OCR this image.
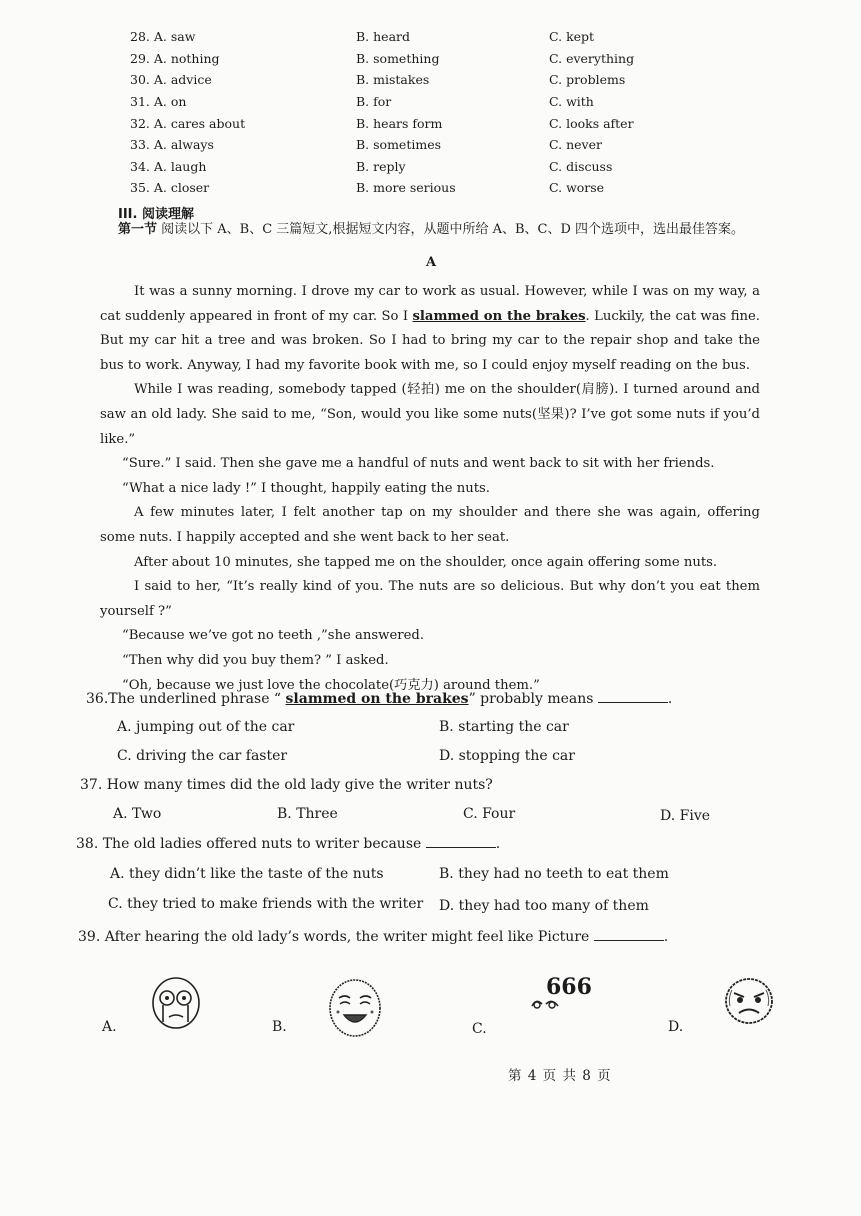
28. A. saw	B. heard	C. kept
29. A. nothing	B. something	C. everything
30. A. advice	B. mistakes	C. problems
31. A. on	B. for	C. with
32. A. cares about	B. hears form	C. looks after
33. A. always	B. sometimes	C. never
34. A. laugh	B. reply	C. discuss
35. A. closer	B. more serious	C. worse
III. 阅读理解
第一节 阅读以下 A、B、C 三篇短文,根据短文内容，从题中所给 A、B、C、D 四个选项中，选出最佳答案。
A

It was a sunny morning. I drove my car to work as usual. However, while I was on my way, a cat suddenly appeared in front of my car. So I slammed on the brakes. Luckily, the cat was fine. But my car hit a tree and was broken. So I had to bring my car to the repair shop and take the bus to work. Anyway, I had my favorite book with me, so I could enjoy myself reading on the bus.

While I was reading, somebody tapped (轻拍) me on the shoulder(肩膀). I turned around and saw an old lady. She said to me, “Son, would you like some nuts(坚果)? I’ve got some nuts if you’d like.”

“Sure.” I said. Then she gave me a handful of nuts and went back to sit with her friends.

“What a nice lady !” I thought, happily eating the nuts.

A few minutes later, I felt another tap on my shoulder and there she was again, offering some nuts. I happily accepted and she went back to her seat.

After about 10 minutes, she tapped me on the shoulder, once again offering some nuts.

I said to her, “It’s really kind of you. The nuts are so delicious. But why don’t you eat them yourself ?”

“Because we’ve got no teeth ,”she answered.

“Then why did you buy them? ” I asked.

“Oh, because we just love the chocolate(巧克力) around them.”

36.The underlined phrase “ slammed on the brakes” probably means	.
A. jumping out of the car	B. starting the car
C. driving the car faster	D. stopping the car
37. How many times did the old lady give the writer nuts?
A. Two	B. Three	C. Four	D. Five
38. The old ladies offered nuts to writer because	.
A. they didn’t like the taste of the nuts	B. they had no teeth to eat them
C. they tried to make friends with the writer D. they had too many of them
39. After hearing the old lady’s words, the writer might feel like Picture	.
A.	B.	C.
666
D.
第 4 页 共 8 页
